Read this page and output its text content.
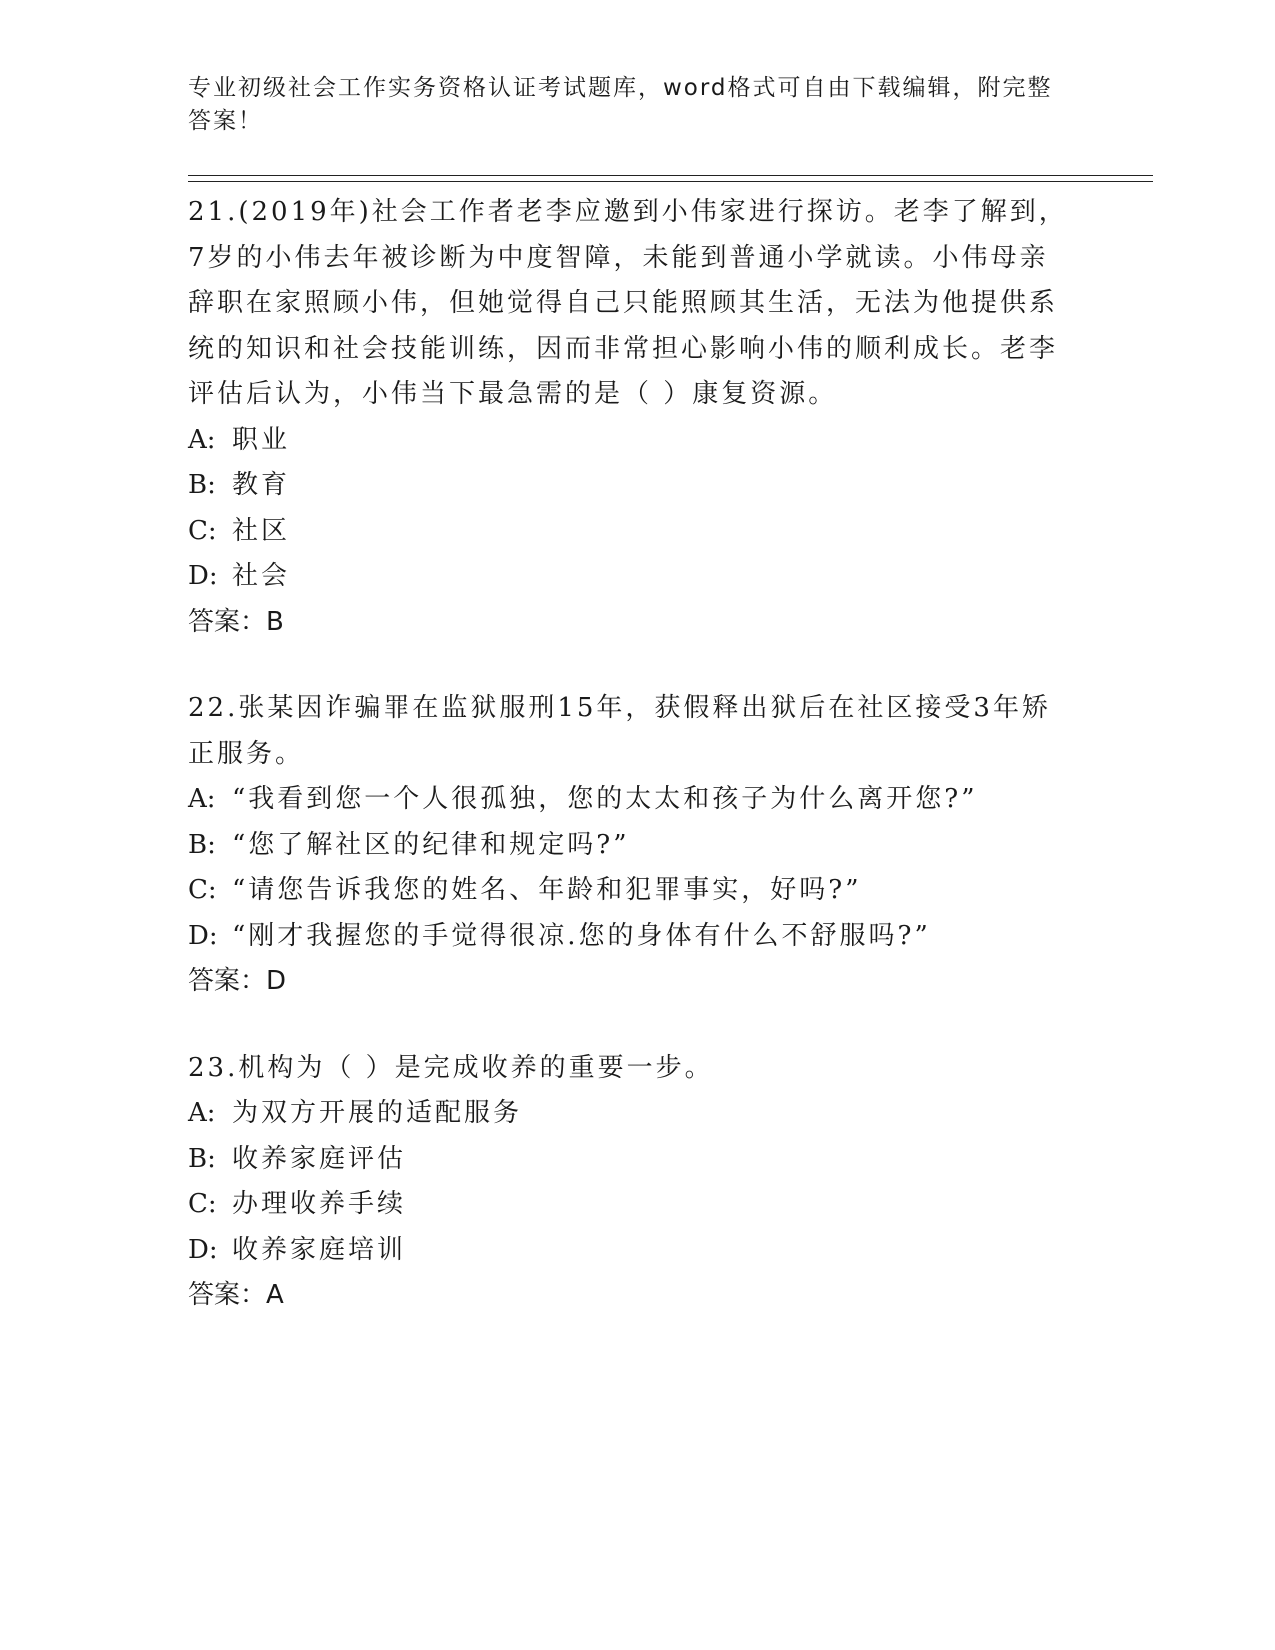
专业初级社会工作实务资格认证考试题库，word格式可自由下载编辑，附完整答案！

21.(2019年)社会工作者老李应邀到小伟家进行探访。老李了解到，7岁的小伟去年被诊断为中度智障，未能到普通小学就读。小伟母亲辞职在家照顾小伟，但她觉得自己只能照顾其生活，无法为他提供系统的知识和社会技能训练，因而非常担心影响小伟的顺利成长。老李评估后认为，小伟当下最急需的是（ ）康复资源。

A: 职业
B: 教育
C: 社区
D: 社会

答案：B

22.张某因诈骗罪在监狱服刑15年，获假释出狱后在社区接受3年矫正服务。

A: “我看到您一个人很孤独，您的太太和孩子为什么离开您?”
B: “您了解社区的纪律和规定吗?”
C: “请您告诉我您的姓名、年龄和犯罪事实，好吗?”
D: “刚才我握您的手觉得很凉.您的身体有什么不舒服吗?”

答案：D

23.机构为（ ）是完成收养的重要一步。

A: 为双方开展的适配服务
B: 收养家庭评估
C: 办理收养手续
D: 收养家庭培训

答案：A
